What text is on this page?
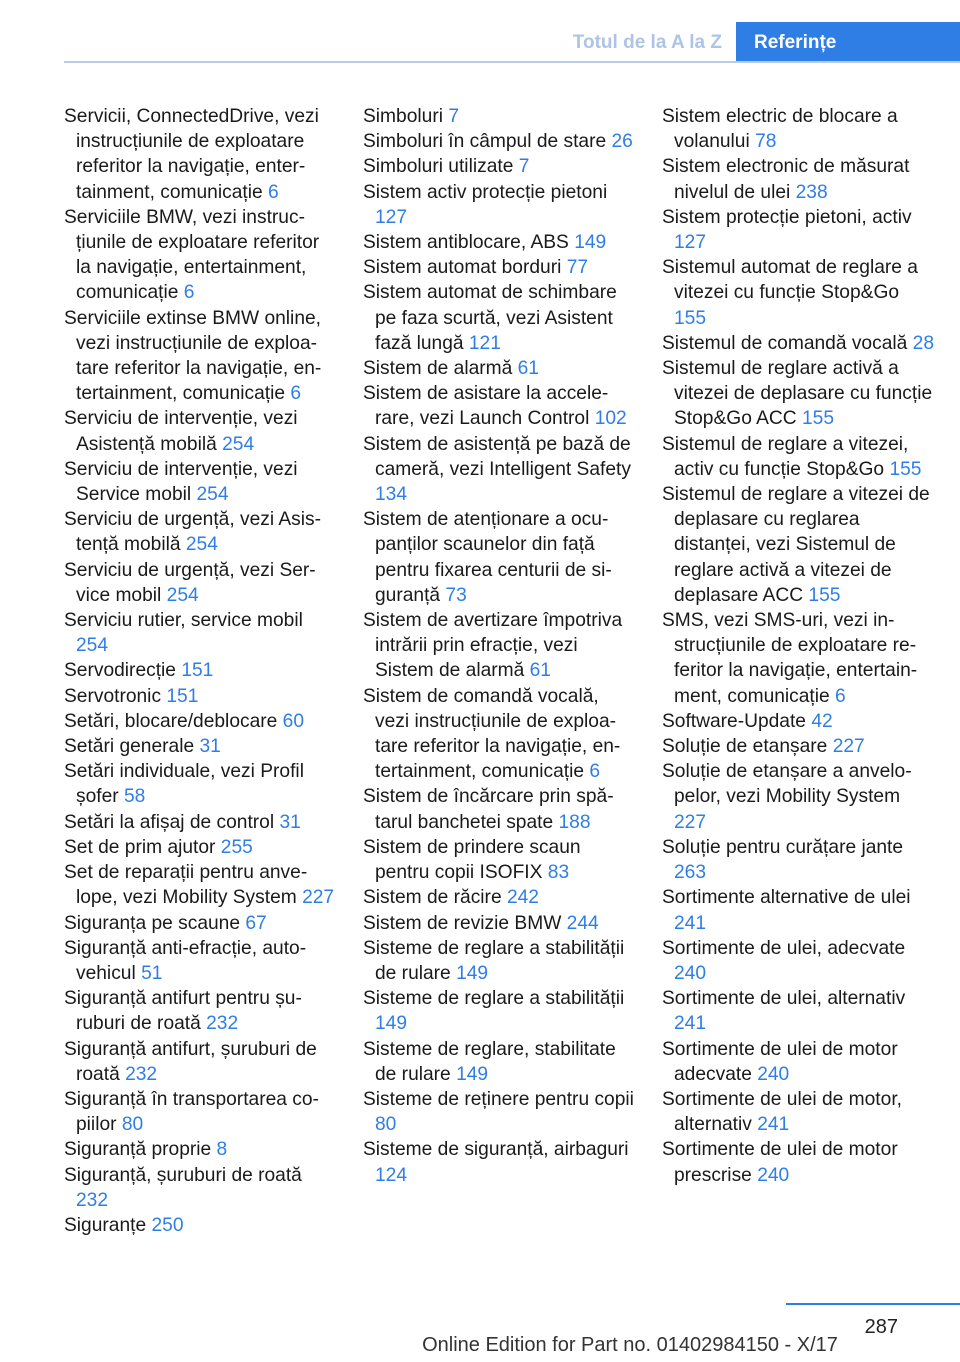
Totul de la A la Z	Referințe
Servicii, ConnectedDrive, vezi instrucțiunile de exploatare referitor la navigație, entertainment, comunicație 6
Serviciile BMW, vezi instrucțiunile de exploatare referitor la navigație, entertainment, comunicație 6
Serviciile extinse BMW online, vezi instrucțiunile de exploatare referitor la navigație, entertainment, comunicație 6
Serviciu de intervenție, vezi Asistență mobilă 254
Serviciu de intervenție, vezi Service mobil 254
Serviciu de urgență, vezi Asistență mobilă 254
Serviciu de urgență, vezi Service mobil 254
Serviciu rutier, service mobil 254
Servodirecție 151
Servotronic 151
Setări, blocare/deblocare 60
Setări generale 31
Setări individuale, vezi Profil șofer 58
Setări la afișaj de control 31
Set de prim ajutor 255
Set de reparații pentru anvelope, vezi Mobility System 227
Siguranța pe scaune 67
Siguranță anti-efracție, autovehicul 51
Siguranță antifurt pentru șuruburi de roată 232
Siguranță antifurt, șuruburi de roată 232
Siguranță în transportarea copiilor 80
Siguranță proprie 8
Siguranță, șuruburi de roată 232
Siguranțe 250
Simboluri 7
Simboluri în câmpul de stare 26
Simboluri utilizate 7
Sistem activ protecție pietoni 127
Sistem antiblocare, ABS 149
Sistem automat borduri 77
Sistem automat de schimbare pe faza scurtă, vezi Asistent fază lungă 121
Sistem de alarmă 61
Sistem de asistare la accelerare, vezi Launch Control 102
Sistem de asistență pe bază de cameră, vezi Intelligent Safety 134
Sistem de atenționare a ocupanților scaunelor din față pentru fixarea centurii de siguranță 73
Sistem de avertizare împotriva intrării prin efracție, vezi Sistem de alarmă 61
Sistem de comandă vocală, vezi instrucțiunile de exploatare referitor la navigație, entertainment, comunicație 6
Sistem de încărcare prin spătarul banchetei spate 188
Sistem de prindere scaun pentru copii ISOFIX 83
Sistem de răcire 242
Sistem de revizie BMW 244
Sisteme de reglare a stabilității de rulare 149
Sisteme de reglare a stabilității 149
Sisteme de reglare, stabilitate de rulare 149
Sisteme de reținere pentru copii 80
Sisteme de siguranță, airbaguri 124
Sistem electric de blocare a volanului 78
Sistem electronic de măsurat nivelul de ulei 238
Sistem protecție pietoni, activ 127
Sistemul automat de reglare a vitezei cu funcție Stop&Go 155
Sistemul de comandă vocală 28
Sistemul de reglare activă a vitezei de deplasare cu funcție Stop&Go ACC 155
Sistemul de reglare a vitezei, activ cu funcție Stop&Go 155
Sistemul de reglare a vitezei de deplasare cu reglarea distanței, vezi Sistemul de reglare activă a vitezei de deplasare ACC 155
SMS, vezi SMS-uri, vezi instrucțiunile de exploatare referitor la navigație, entertainment, comunicație 6
Software-Update 42
Soluție de etanșare 227
Soluție de etanșare a anvelopelor, vezi Mobility System 227
Soluție pentru curățare jante 263
Sortimente alternative de ulei 241
Sortimente de ulei, adecvate 240
Sortimente de ulei, alternativ 241
Sortimente de ulei de motor adecvate 240
Sortimente de ulei de motor, alternativ 241
Sortimente de ulei de motor prescrise 240
287
Online Edition for Part no. 01402984150 - X/17
